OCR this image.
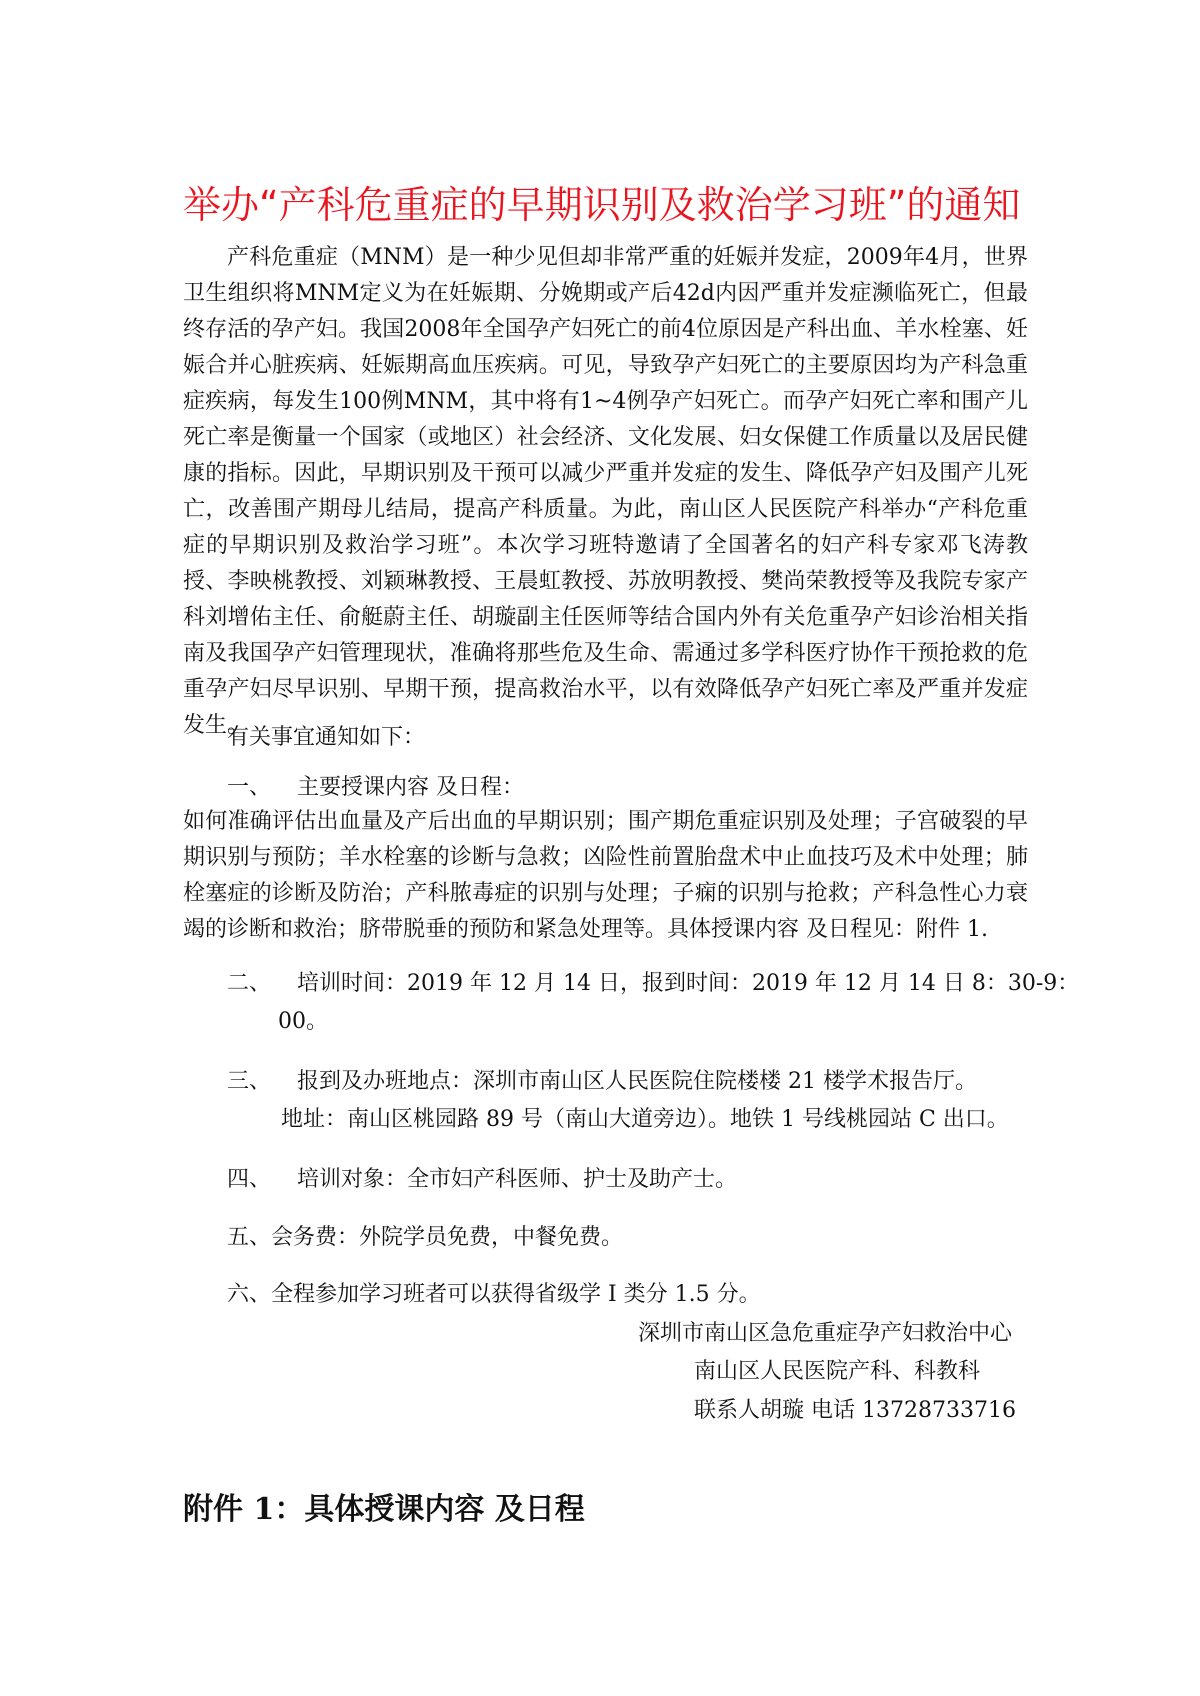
举办“产科危重症的早期识别及救治学习班”的通知
产科危重症（MNM）是一种少见但却非常严重的妊娠并发症，2009年4月，世界卫生组织将MNM定义为在妊娠期、分娩期或产后42d内因严重并发症濒临死亡，但最终存活的孕产妇。我国2008年全国孕产妇死亡的前4位原因是产科出血、羊水栓塞、妊娠合并心脏疾病、妊娠期高血压疾病。可见，导致孕产妇死亡的主要原因均为产科急重症疾病，每发生100例MNM，其中将有1~4例孕产妇死亡。而孕产妇死亡率和围产儿死亡率是衡量一个国家（或地区）社会经济、文化发展、妇女保健工作质量以及居民健康的指标。因此，早期识别及干预可以减少严重并发症的发生、降低孕产妇及围产儿死亡，改善围产期母儿结局，提高产科质量。为此，南山区人民医院产科举办“产科危重症的早期识别及救治学习班”。本次学习班特邀请了全国著名的妇产科专家邓飞涛教授、李映桃教授、刘颖琳教授、王晨虹教授、苏放明教授、樊尚荣教授等及我院专家产科刘增佑主任、俞艇蔚主任、胡璇副主任医师等结合国内外有关危重孕产妇诊治相关指南及我国孕产妇管理现状，准确将那些危及生命、需通过多学科医疗协作干预抢救的危重孕产妇尽早识别、早期干预，提高救治水平，以有效降低孕产妇死亡率及严重并发症发生。
有关事宜通知如下：
一、 主要授课内容 及日程：
如何准确评估出血量及产后出血的早期识别；围产期危重症识别及处理；子宫破裂的早期识别与预防；羊水栓塞的诊断与急救；凶险性前置胎盘术中止血技巧及术中处理；肺栓塞症的诊断及防治；产科脓毒症的识别与处理；子痫的识别与抢救；产科急性心力衰竭的诊断和救治；脐带脱垂的预防和紧急处理等。具体授课内容 及日程见：附件 1.
二、 培训时间：2019 年 12 月 14 日，报到时间：2019 年 12 月 14 日 8：30-9：
00。
三、 报到及办班地点：深圳市南山区人民医院住院楼楼 21 楼学术报告厅。
地址：南山区桃园路 89 号（南山大道旁边）。地铁 1 号线桃园站 C 出口。
四、 培训对象：全市妇产科医师、护士及助产士。
五、会务费：外院学员免费，中餐免费。
六、全程参加学习班者可以获得省级学 I 类分 1.5 分。
深圳市南山区急危重症孕产妇救治中心
南山区人民医院产科、科教科
联系人胡璇 电话 13728733716
附件 1：具体授课内容 及日程
